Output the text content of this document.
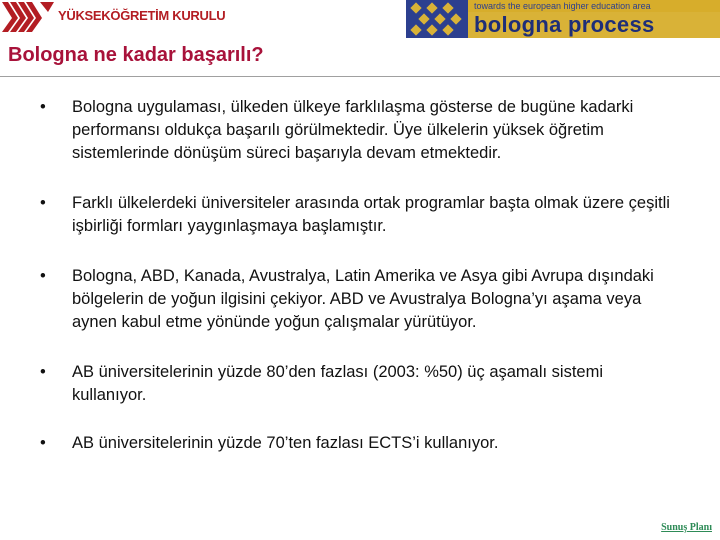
YÜKSEKÖĞRETİM KURULU
towards the european higher education area
bologna process
Bologna ne kadar başarılı?
• Bologna uygulaması, ülkeden ülkeye farklılaşma gösterse de bugüne kadarki performansı oldukça başarılı görülmektedir. Üye ülkelerin yüksek öğretim sistemlerinde dönüşüm süreci başarıyla devam etmektedir.
• Farklı ülkelerdeki üniversiteler arasında ortak programlar başta olmak üzere çeşitli işbirliği formları yaygınlaşmaya başlamıştır.
• Bologna, ABD, Kanada, Avustralya, Latin Amerika ve Asya gibi Avrupa dışındaki bölgelerin de yoğun ilgisini çekiyor. ABD ve Avustralya Bologna’yı aşama veya aynen kabul etme yönünde yoğun çalışmalar yürütüyor.
• AB üniversitelerinin yüzde 80’den fazlası (2003: %50) üç aşamalı sistemi kullanıyor.
• AB üniversitelerinin yüzde 70’ten fazlası ECTS’i kullanıyor.
Sunuş Planı
